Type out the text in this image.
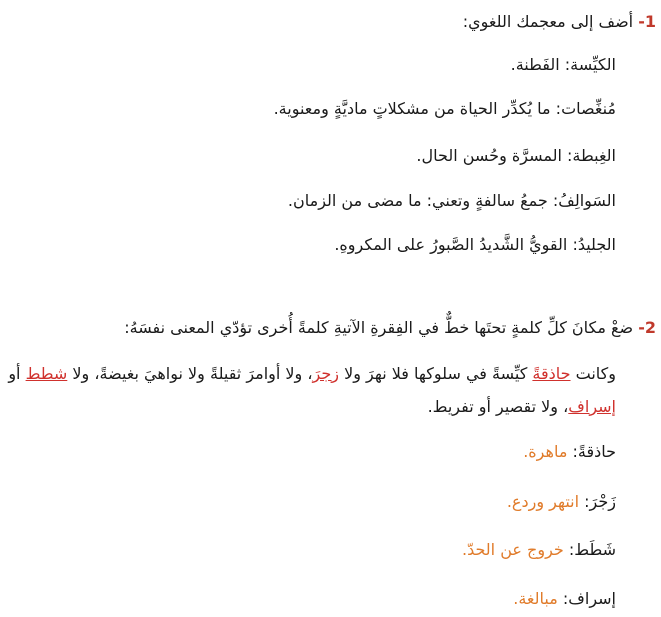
1- أضف إلى معجمك اللغوي:
الكيِّسة: الفَطنة.
مُنغِّصات: ما يُكدِّر الحياة من مشكلاتٍ ماديَّةٍ ومعنوية.
الغِبطة: المسرَّة وحُسن الحال.
السَوالِفُ: جمعُ سالفةٍ وتعني: ما مضى من الزمان.
الجليدُ: القويُّ الشَّديدُ الصَّبورُ على المكروهِ.
2- ضعْ مكانَ كلِّ كلمةٍ تحتَها خطٌّ في الفِقرةِ الآتيةِ كلمةً أُخرى تؤدّي المعنى نفسَهُ:
وكانت حاذقةً كيِّسةً في سلوكها فلا نهرَ ولا زجرَ، ولا أوامرَ ثقيلةً ولا نواهيَ بغيضةً، ولا شطط أو إسراف، ولا تقصير أو تفريط.
حاذقةً: ماهرة.
زَجْرَ: انتهر وردع.
شَطَط: خروج عن الحدّ.
إسراف: مبالغة.
